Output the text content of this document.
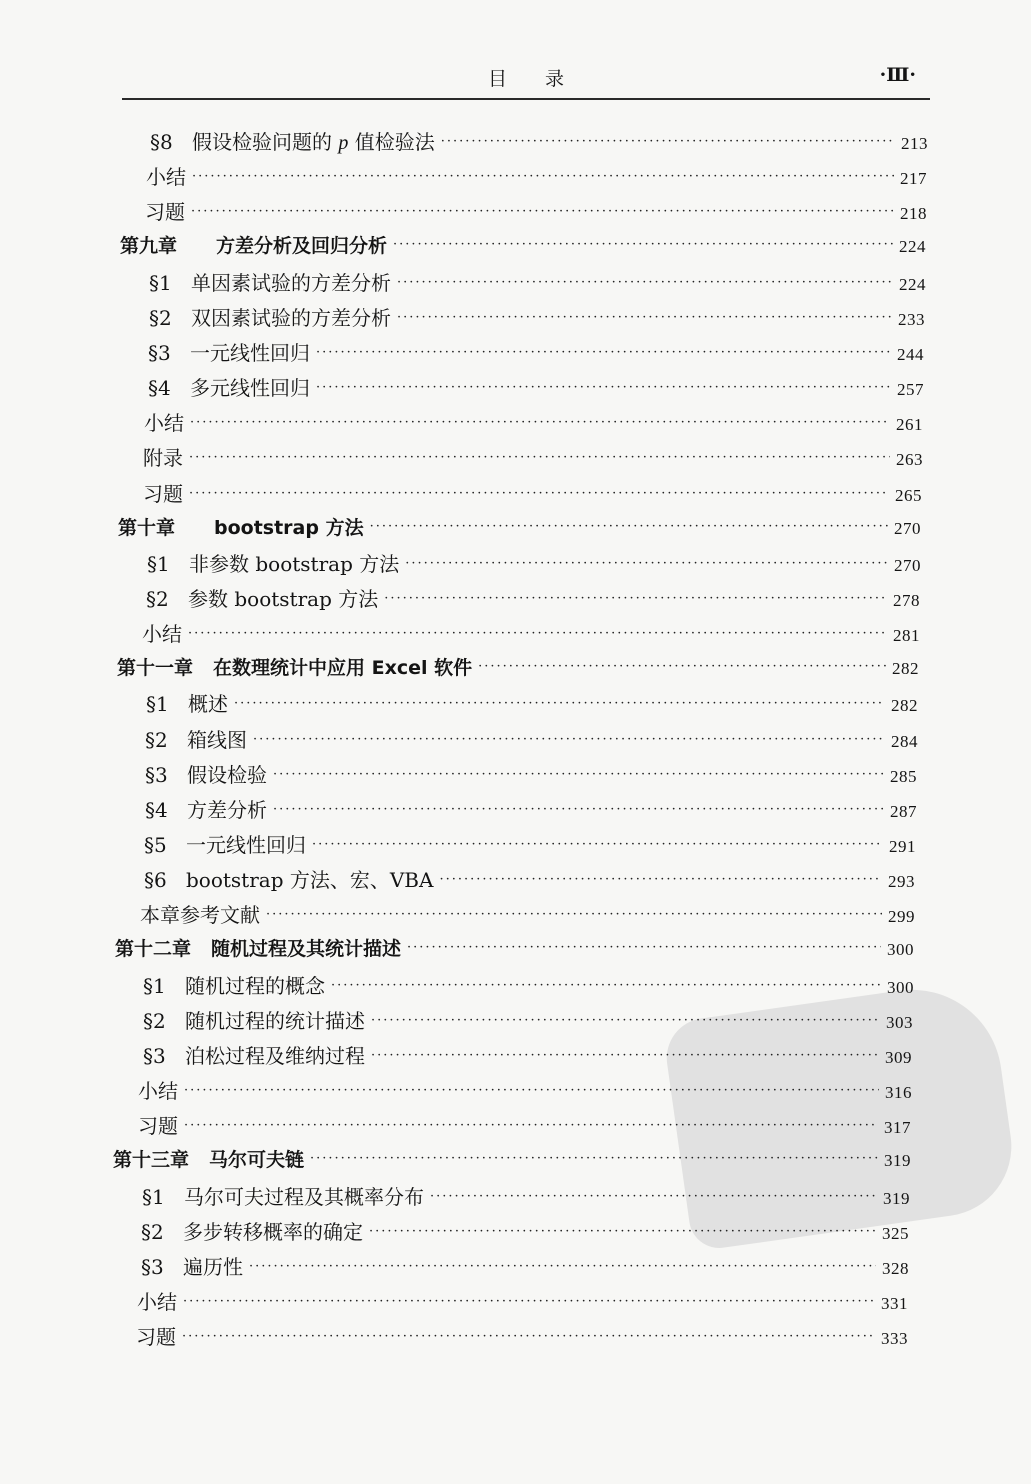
目录	·Ⅲ·
§8 假设检验问题的 p 值检验法 ·····	213
小结 ·····	217
习题 ·····	218
第九章	方差分析及回归分析 ·····	224
§1 单因素试验的方差分析 ·····	224
§2 双因素试验的方差分析 ·····	233
§3 一元线性回归 ·····	244
§4 多元线性回归 ·····	257
小结 ·····	261
附录 ·····	263
习题 ·····	265
第十章	bootstrap 方法 ·····	270
§1 非参数 bootstrap 方法 ·····	270
§2 参数 bootstrap 方法 ·····	278
小结 ·····	281
第十一章	在数理统计中应用 Excel 软件 ·····	282
§1 概述 ·····	282
§2 箱线图 ·····	284
§3 假设检验 ·····	285
§4 方差分析 ·····	287
§5 一元线性回归 ·····	291
§6 bootstrap 方法、宏、VBA ·····	293
本章参考文献 ·····	299
第十二章	随机过程及其统计描述 ·····	300
§1 随机过程的概念 ·····	300
§2 随机过程的统计描述 ·····	303
§3 泊松过程及维纳过程 ·····	309
小结 ·····	316
习题 ·····	317
第十三章	马尔可夫链 ·····	319
§1 马尔可夫过程及其概率分布 ·····	319
§2 多步转移概率的确定 ·····	325
§3 遍历性 ·····	328
小结 ·····	331
习题 ·····	333
